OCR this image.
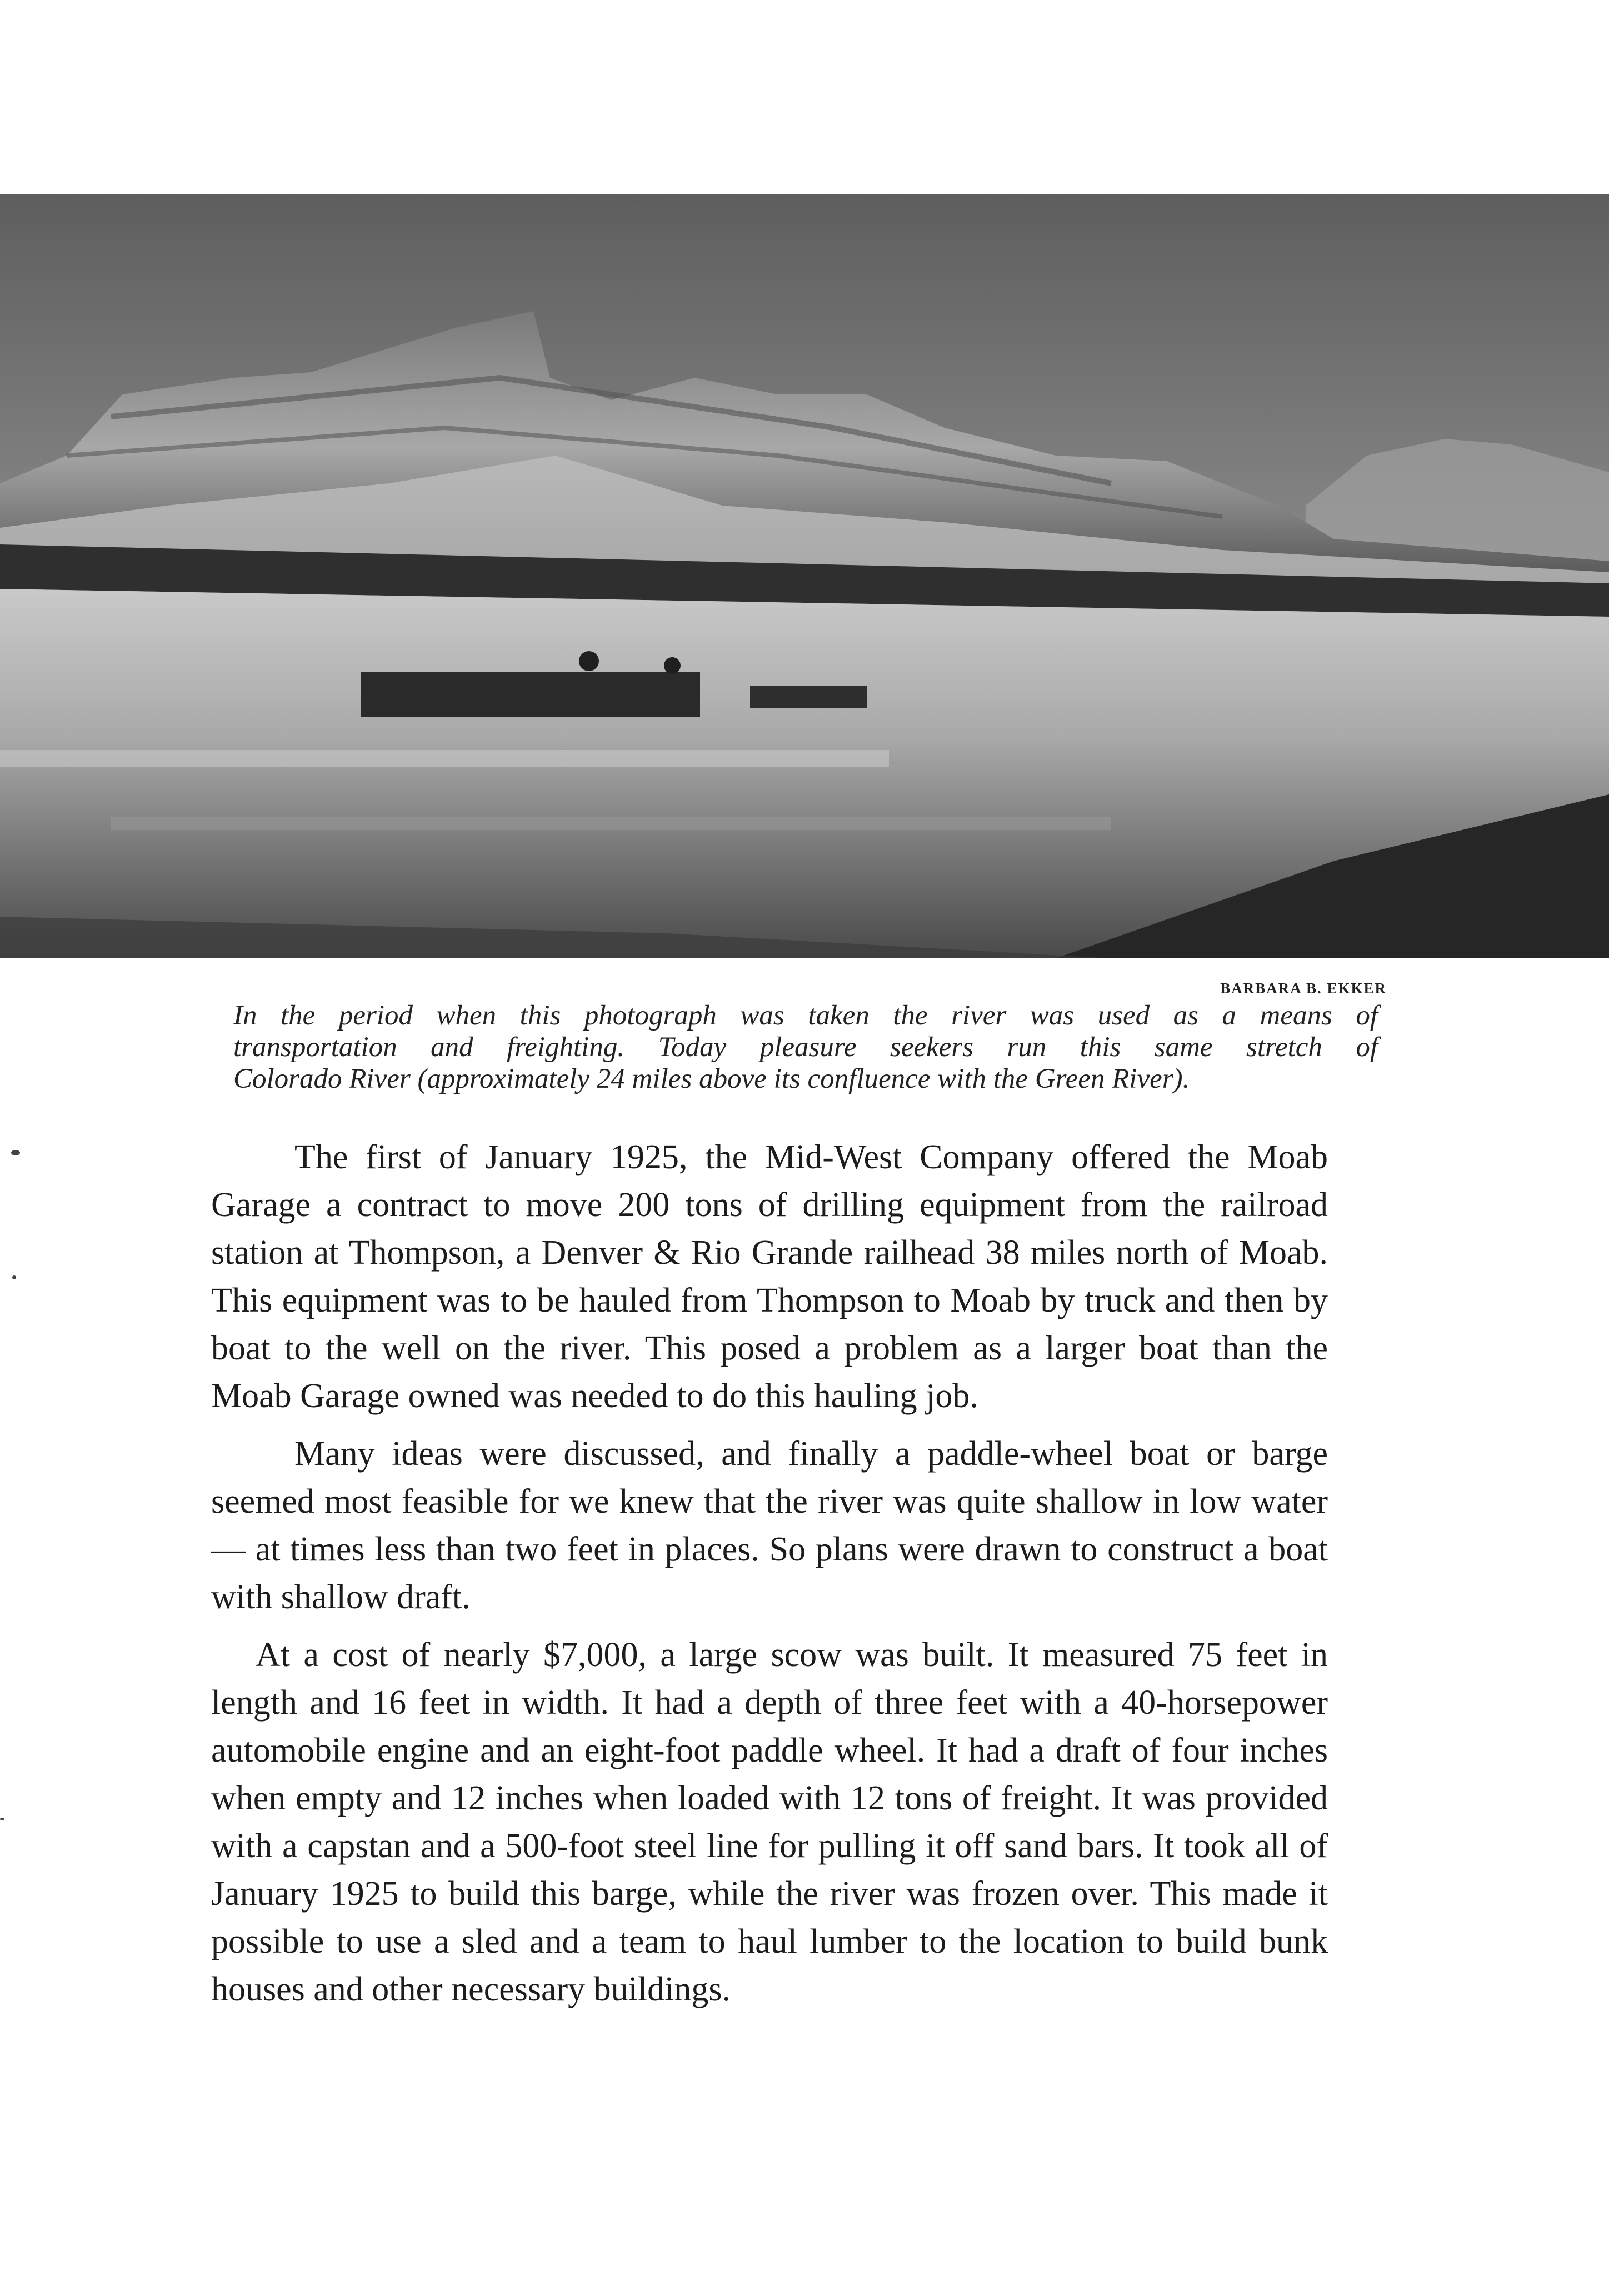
BARBARA B. EKKER
In the period when this photograph was taken the river was used as a means of
transportation and freighting. Today pleasure seekers run this same stretch of
Colorado River (approximately 24 miles above its confluence with the Green River).

The first of January 1925, the Mid-West Company offered the Moab Garage a contract to move 200 tons of drilling equipment from the railroad station at Thompson, a Denver & Rio Grande railhead 38 miles north of Moab. This equipment was to be hauled from Thompson to Moab by truck and then by boat to the well on the river. This posed a problem as a larger boat than the Moab Garage owned was needed to do this hauling job.

Many ideas were discussed, and finally a paddle-wheel boat or barge seemed most feasible for we knew that the river was quite shallow in low water — at times less than two feet in places. So plans were drawn to construct a boat with shallow draft.

At a cost of nearly $7,000, a large scow was built. It measured 75 feet in length and 16 feet in width. It had a depth of three feet with a 40-horsepower automobile engine and an eight-foot paddle wheel. It had a draft of four inches when empty and 12 inches when loaded with 12 tons of freight. It was provided with a capstan and a 500-foot steel line for pulling it off sand bars. It took all of January 1925 to build this barge, while the river was frozen over. This made it possible to use a sled and a team to haul lumber to the location to build bunk houses and other necessary buildings.
